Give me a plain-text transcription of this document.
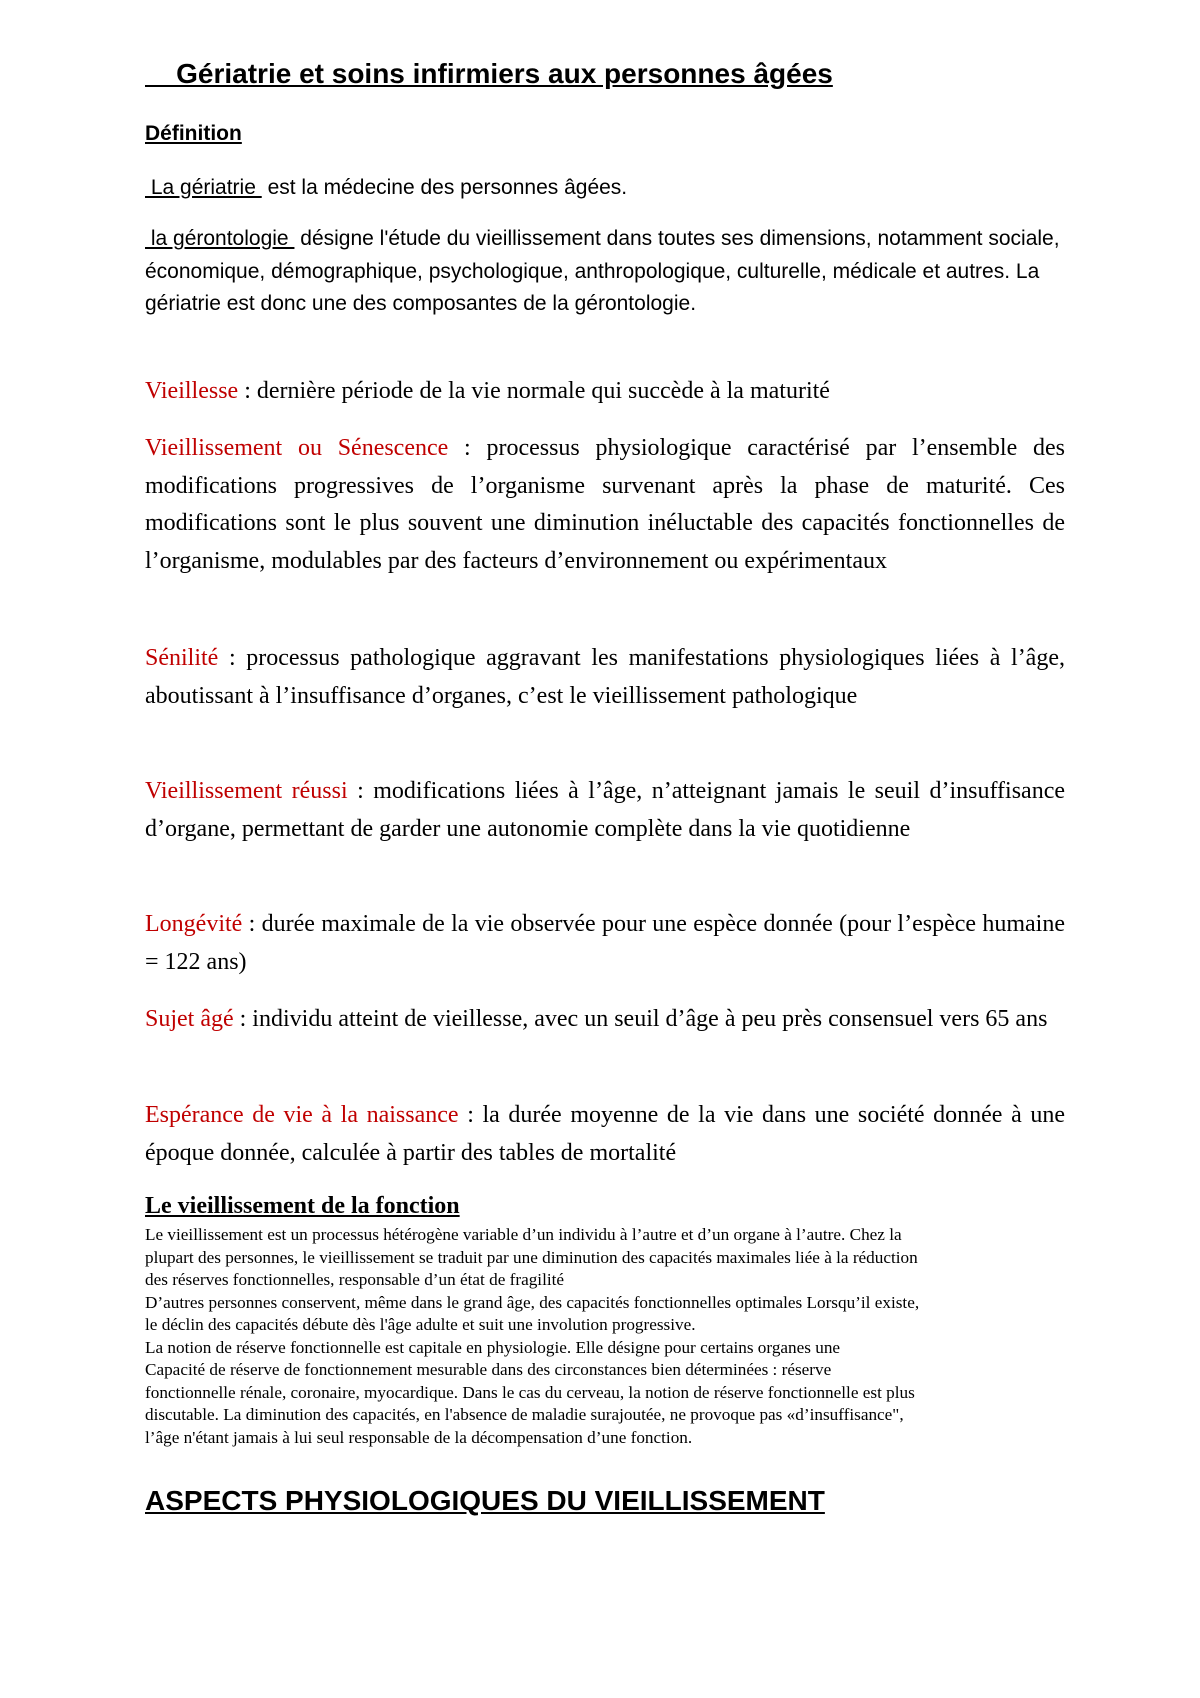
Gériatrie et soins infirmiers aux personnes âgées
Définition

La gériatrie  est la médecine des personnes âgées.

la gérontologie  désigne l'étude du vieillissement dans toutes ses dimensions, notamment sociale, économique, démographique, psychologique, anthropologique, culturelle, médicale et autres. La gériatrie est donc une des composantes de la gérontologie.

Vieillesse : dernière période de la vie normale qui succède à la maturité

Vieillissement ou Sénescence : processus physiologique caractérisé par l’ensemble des modifications progressives de l’organisme survenant après la phase de maturité. Ces modifications sont le plus souvent une diminution inéluctable des capacités fonctionnelles de l’organisme, modulables par des facteurs d’environnement ou expérimentaux

Sénilité : processus pathologique aggravant les manifestations physiologiques liées à l’âge, aboutissant à l’insuffisance d’organes, c’est le vieillissement pathologique

Vieillissement réussi : modifications liées à l’âge, n’atteignant jamais le seuil d’insuffisance d’organe, permettant de garder une autonomie complète dans la vie quotidienne

Longévité : durée maximale de la vie observée pour une espèce donnée (pour l’espèce humaine = 122 ans)

Sujet âgé : individu atteint de vieillesse, avec un seuil d’âge à peu près consensuel vers 65 ans

Espérance de vie à la naissance : la durée moyenne de la vie dans une société donnée à une époque donnée, calculée à partir des tables de mortalité

Le vieillissement de la fonction
Le vieillissement est un processus hétérogène variable d’un individu à l’autre et d’un organe à l’autre. Chez la
plupart des personnes, le vieillissement se traduit par une diminution des capacités maximales liée à la réduction
des réserves fonctionnelles, responsable d’un état de fragilité
D’autres personnes conservent, même dans le grand âge, des capacités fonctionnelles optimales Lorsqu’il existe,
le déclin des capacités débute dès l'âge adulte et suit une involution progressive.
La notion de réserve fonctionnelle est capitale en physiologie. Elle désigne pour certains organes une
Capacité de réserve de fonctionnement mesurable dans des circonstances bien déterminées : réserve
fonctionnelle rénale, coronaire, myocardique. Dans le cas du cerveau, la notion de réserve fonctionnelle est plus
discutable. La diminution des capacités, en l'absence de maladie surajoutée, ne provoque pas «d’insuffisance",
l’âge n'étant jamais à lui seul responsable de la décompensation d’une fonction.
ASPECTS PHYSIOLOGIQUES DU VIEILLISSEMENT
